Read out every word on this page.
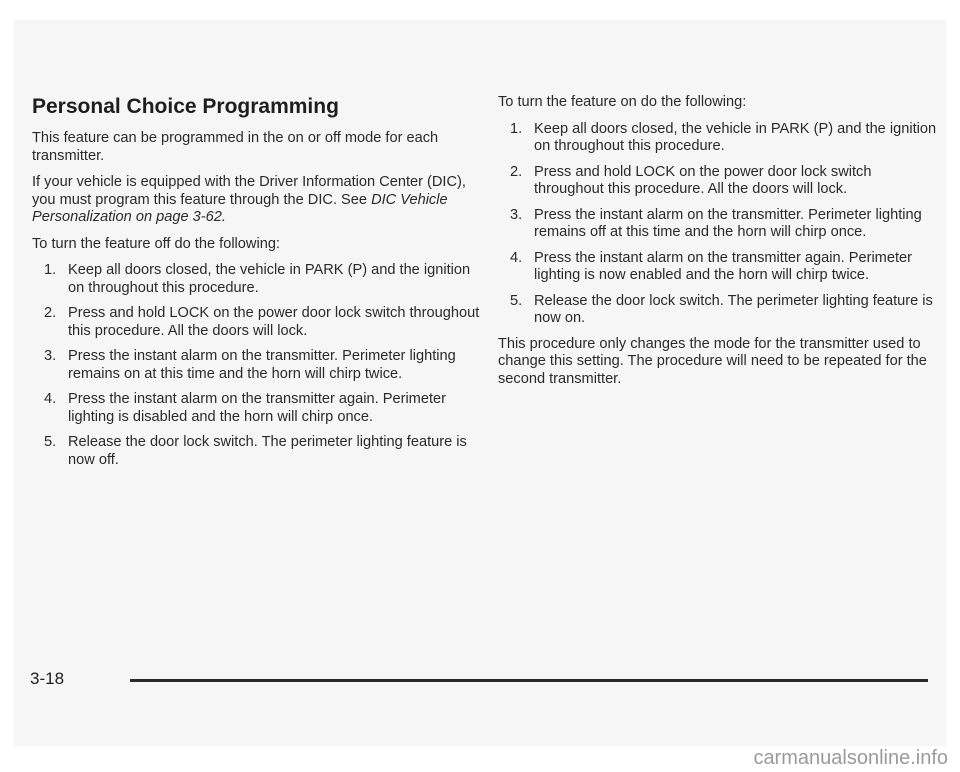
Personal Choice Programming

This feature can be programmed in the on or off mode for each transmitter.

If your vehicle is equipped with the Driver Information Center (DIC), you must program this feature through the DIC. See DIC Vehicle Personalization on page 3-62.

To turn the feature off do the following:

1. Keep all doors closed, the vehicle in PARK (P) and the ignition on throughout this procedure.
2. Press and hold LOCK on the power door lock switch throughout this procedure. All the doors will lock.
3. Press the instant alarm on the transmitter. Perimeter lighting remains on at this time and the horn will chirp twice.
4. Press the instant alarm on the transmitter again. Perimeter lighting is disabled and the horn will chirp once.
5. Release the door lock switch. The perimeter lighting feature is now off.

To turn the feature on do the following:

1. Keep all doors closed, the vehicle in PARK (P) and the ignition on throughout this procedure.
2. Press and hold LOCK on the power door lock switch throughout this procedure. All the doors will lock.
3. Press the instant alarm on the transmitter. Perimeter lighting remains off at this time and the horn will chirp once.
4. Press the instant alarm on the transmitter again. Perimeter lighting is now enabled and the horn will chirp twice.
5. Release the door lock switch. The perimeter lighting feature is now on.

This procedure only changes the mode for the transmitter used to change this setting. The procedure will need to be repeated for the second transmitter.

3-18
carmanualsonline.info
